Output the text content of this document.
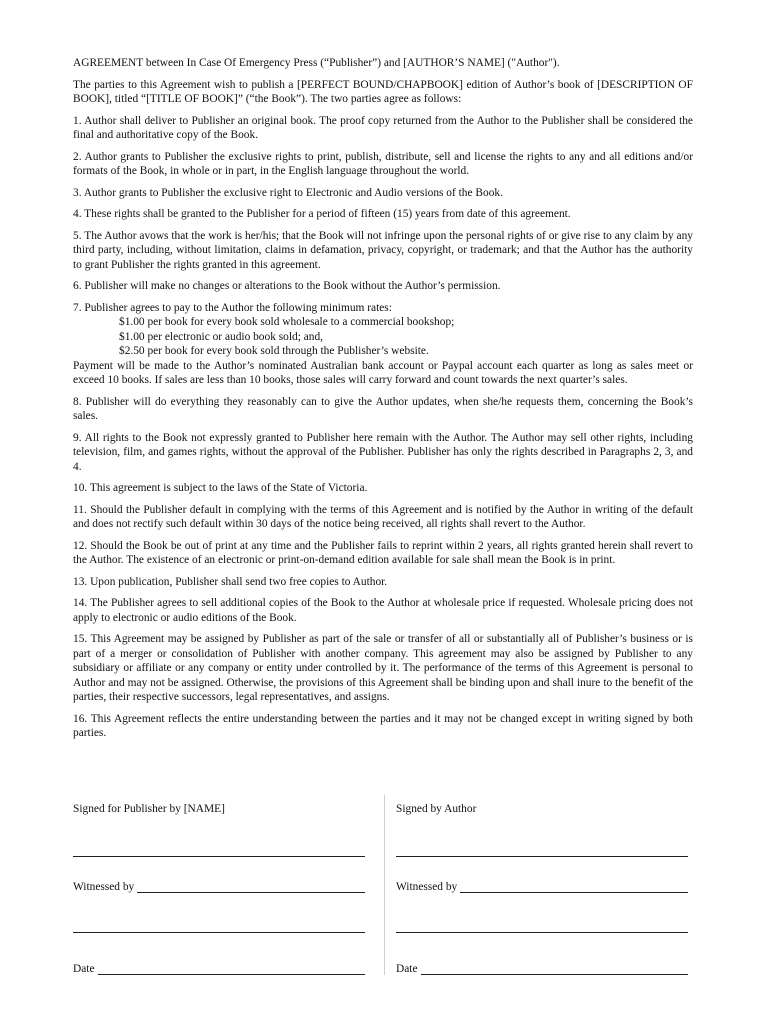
AGREEMENT between In Case Of Emergency Press (“Publisher”) and [AUTHOR’S NAME] ("Author").

The parties to this Agreement wish to publish a [PERFECT BOUND/CHAPBOOK] edition of Author’s book of [DESCRIPTION OF BOOK], titled “[TITLE OF BOOK]” (“the Book”). The two parties agree as follows:

1. Author shall deliver to Publisher an original book. The proof copy returned from the Author to the Publisher shall be considered the final and authoritative copy of the Book.

2. Author grants to Publisher the exclusive rights to print, publish, distribute, sell and license the rights to any and all editions and/or formats of the Book, in whole or in part, in the English language throughout the world.

3. Author grants to Publisher the exclusive right to Electronic and Audio versions of the Book.

4. These rights shall be granted to the Publisher for a period of fifteen (15) years from date of this agreement.

5. The Author avows that the work is her/his; that the Book will not infringe upon the personal rights of or give rise to any claim by any third party, including, without limitation, claims in defamation, privacy, copyright, or trademark; and that the Author has the authority to grant Publisher the rights granted in this agreement.

6. Publisher will make no changes or alterations to the Book without the Author’s permission.

7. Publisher agrees to pay to the Author the following minimum rates:

$1.00 per book for every book sold wholesale to a commercial bookshop;

$1.00 per electronic or audio book sold; and,

$2.50 per book for every book sold through the Publisher’s website.

Payment will be made to the Author’s nominated Australian bank account or Paypal account each quarter as long as sales meet or exceed 10 books. If sales are less than 10 books, those sales will carry forward and count towards the next quarter’s sales.

8. Publisher will do everything they reasonably can to give the Author updates, when she/he requests them, concerning the Book’s sales.

9. All rights to the Book not expressly granted to Publisher here remain with the Author. The Author may sell other rights, including television, film, and games rights, without the approval of the Publisher. Publisher has only the rights described in Paragraphs 2, 3, and 4.

10. This agreement is subject to the laws of the State of Victoria.

11. Should the Publisher default in complying with the terms of this Agreement and is notified by the Author in writing of the default and does not rectify such default within 30 days of the notice being received, all rights shall revert to the Author.

12. Should the Book be out of print at any time and the Publisher fails to reprint within 2 years, all rights granted herein shall revert to the Author. The existence of an electronic or print-on-demand edition available for sale shall mean the Book is in print.

13. Upon publication, Publisher shall send two free copies to Author.

14. The Publisher agrees to sell additional copies of the Book to the Author at wholesale price if requested. Wholesale pricing does not apply to electronic or audio editions of the Book.

15. This Agreement may be assigned by Publisher as part of the sale or transfer of all or substantially all of Publisher’s business or is part of a merger or consolidation of Publisher with another company. This agreement may also be assigned by Publisher to any subsidiary or affiliate or any company or entity under controlled by it. The performance of the terms of this Agreement is personal to Author and may not be assigned. Otherwise, the provisions of this Agreement shall be binding upon and shall inure to the benefit of the parties, their respective successors, legal representatives, and assigns.

16. This Agreement reflects the entire understanding between the parties and it may not be changed except in writing signed by both parties.

Signed for Publisher by [NAME]
Witnessed by
Date
Signed by Author
Witnessed by
Date
